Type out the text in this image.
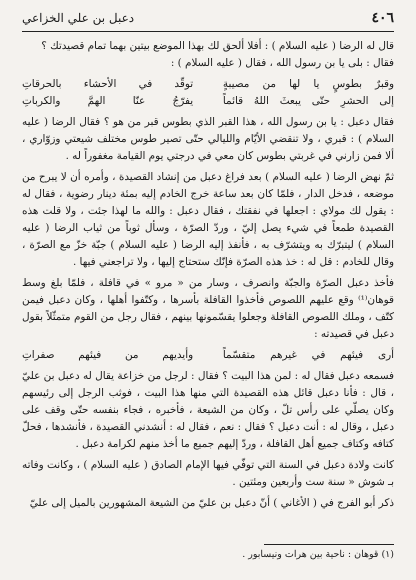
٤٠٦
دعبل بن علي الخزاعي

قال له الرضا ( عليه السلام ) : أفلا ألحق لك بهذا الموضع بيتين بهما تمام قصيدتك ؟

فقال : بلى يا بن رسول الله ، فقال ( عليه السلام ) :

وقبرٌ بطوسٍ يا لها من مصيبةٍ
توقّد في الأحشاء بالحرقاتِ
إلى الحشرِ حتّى يبعثَ اللهُ قائماً
يفرّجُ عنّا الهمَّ والكرباتِ

فقال دعبل : يا بن رسول الله ، هذا القبر الذي بطوس قبر من هو ؟ فقال الرضا ( عليه السلام ) : قبري ، ولا تنقضي الأيّام والليالي حتّى تصير طوس مختلف شيعتي وزوّاري ، ألا فمن زارني في غربتي بطوس كان معي في درجتي يوم القيامة مغفوراً له .

ثمّ نهض الرضا ( عليه السلام ) بعد فراغ دعبل من إنشاد القصيدة ، وأمره أن لا يبرح من موضعه ، فدخل الدار ، فلمّا كان بعد ساعة خرج الخادم إليه بمئة دينار رضوية ، فقال له : يقول لك مولاي : اجعلها في نفقتك ، فقال دعبل : والله ما لهذا جئت ، ولا قلت هذه القصيدة طمعاً في شيء يصل إليّ ، وردّ الصرّة ، وسأل ثوباً من ثياب الرضا ( عليه السلام ) ليتبرّك به ويتشرّف به ، فأنفذ إليه الرضا ( عليه السلام ) جبّة خزّ مع الصرّة ، وقال للخادم : قل له : خذ هذه الصرّة فإنّك ستحتاج إليها ، ولا تراجعني فيها .

فأخذ دعبل الصرّة والجبّة وانصرف ، وسار من « مرو » في قافلة ، فلمّا بلغ وسط قوهان⁽¹⁾ وقع عليهم اللصوص فأخذوا القافلة بأسرها ، وكتّفوا أهلها ، وكان دعبل فيمن كتّف ، وملك اللصوص القافلة وجعلوا يقسّمونها بينهم ، فقال رجل من القوم متمثّلاً بقول دعبل في قصيدته :

أرى فيئهم في غيرهم متقسّماً
وأيديهم من فيئهم صفراتِ

فسمعه دعبل فقال له : لمن هذا البيت ؟ فقال : لرجل من خزاعة يقال له دعبل بن عليّ ، قال : فأنا دعبل قائل هذه القصيدة التي منها هذا البيت ، فوثب الرجل إلى رئيسهم وكان يصلّي على رأس تلّ ، وكان من الشيعة ، فأخبره ، فجاء بنفسه حتّى وقف على دعبل ، وقال له : أنت دعبل ؟ فقال : نعم ، فقال له : أنشدني القصيدة ، فأنشدها ، فحلّ كتافه وكتاف جميع أهل القافلة ، وردّ إليهم جميع ما أخذ منهم لكرامة دعبل .

كانت ولادة دعبل في السنة التي توفّي فيها الإمام الصادق ( عليه السلام ) ، وكانت وفاته بـ شوش « سنة ست وأربعين ومئتين .

ذكر أبو الفرج في ( الأغاني ) أنّ دعبل بن عليّ من الشيعة المشهورين بالميل إلى عليّ

(١) قوهان : ناحية بين هرات ونيسابور .
